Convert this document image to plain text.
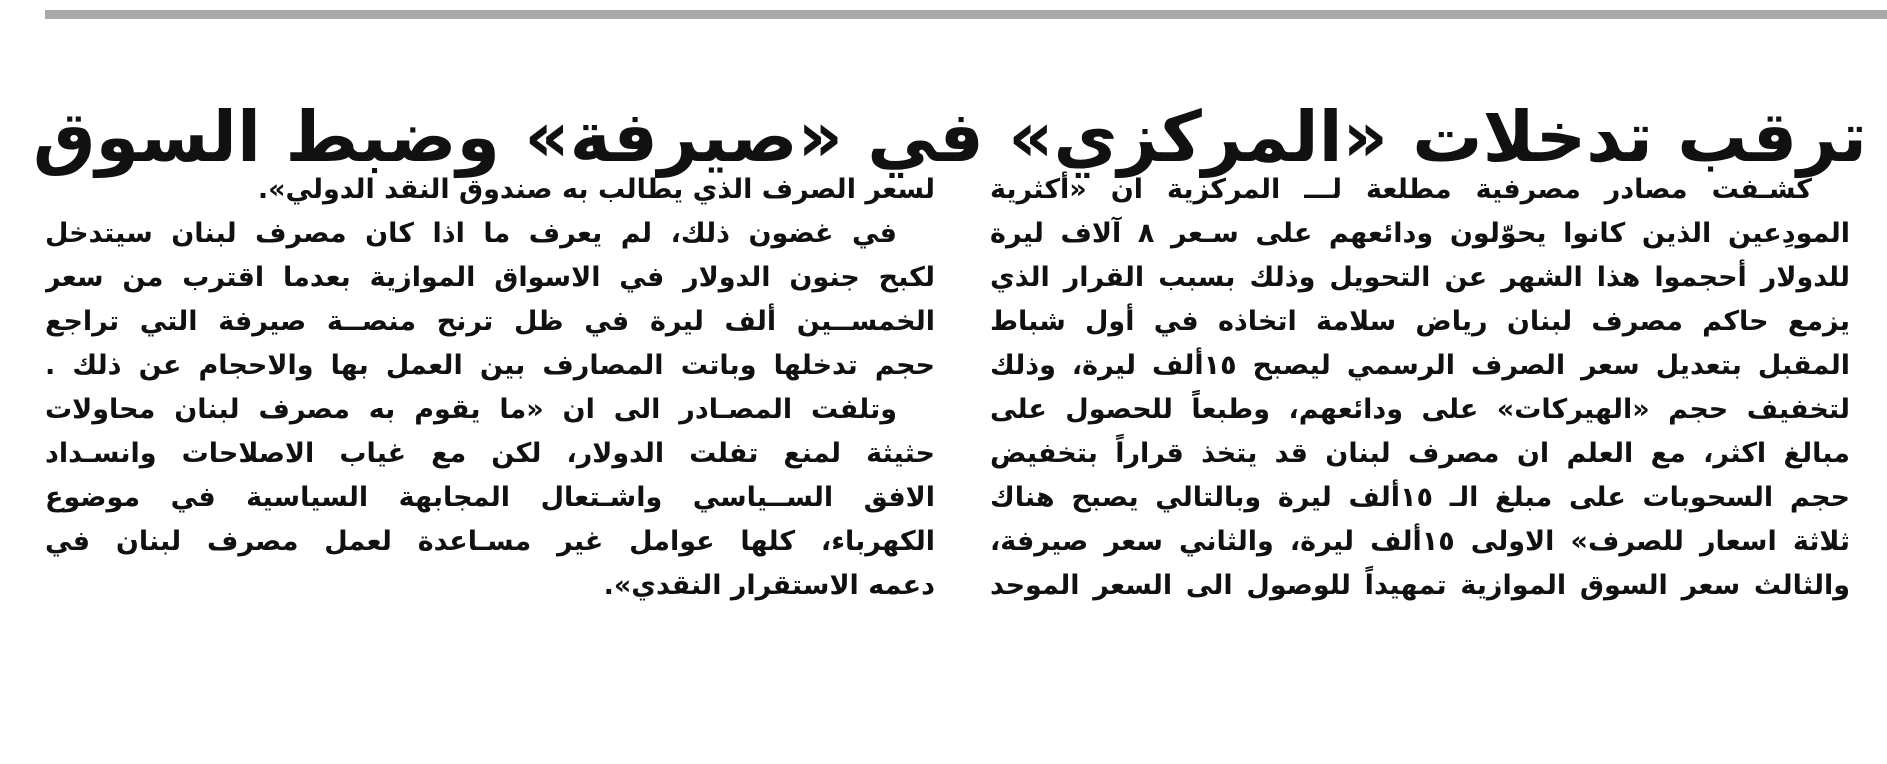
ترقب تدخلات «المركزي» في «صيرفة» وضبط السوق
كشـفت مصادر مصرفية مطلعة لـــ المركزية ان «أكثرية
المودِعين الذين كانوا يحوّلون ودائعهم على سـعر ٨ آلاف ليرة
للدولار أحجموا هذا الشهر عن التحويل وذلك بسبب القرار الذي
يزمع حاكم مصرف لبنان رياض سلامة اتخاذه في أول شباط
المقبل بتعديل سعر الصرف الرسمي ليصبح ١٥ألف ليرة، وذلك
لتخفيف حجم «الهيركات» على ودائعهم، وطبعاً للحصول على
مبالغ اكثر، مع العلم ان مصرف لبنان قد يتخذ قراراً بتخفيض
حجم السحوبات على مبلغ الـ ١٥ألف ليرة وبالتالي يصبح هناك
ثلاثة اسعار للصرف» الاولى ١٥ألف ليرة، والثاني سعر صيرفة،
والثالث سعر السوق الموازية تمهيداً للوصول الى السعر الموحد
لسعر الصرف الذي يطالب به صندوق النقد الدولي».
في غضون ذلك، لم يعرف ما اذا كان مصرف لبنان سيتدخل
لكبح جنون الدولار في الاسواق الموازية بعدما اقترب من سعر
الخمســين ألف ليرة في ظل ترنح منصــة صيرفة التي تراجع
حجم تدخلها وباتت المصارف بين العمل بها والاحجام عن ذلك .
وتلفت المصـادر الى ان «ما يقوم به مصرف لبنان محاولات
حثيثة لمنع تفلت الدولار، لكن مع غياب الاصلاحات وانسـداد
الافق الســياسي واشـتعال المجابهة السياسية في موضوع
الكهرباء، كلها عوامل غير مسـاعدة لعمل مصرف لبنان في
دعمه الاستقرار النقدي».
